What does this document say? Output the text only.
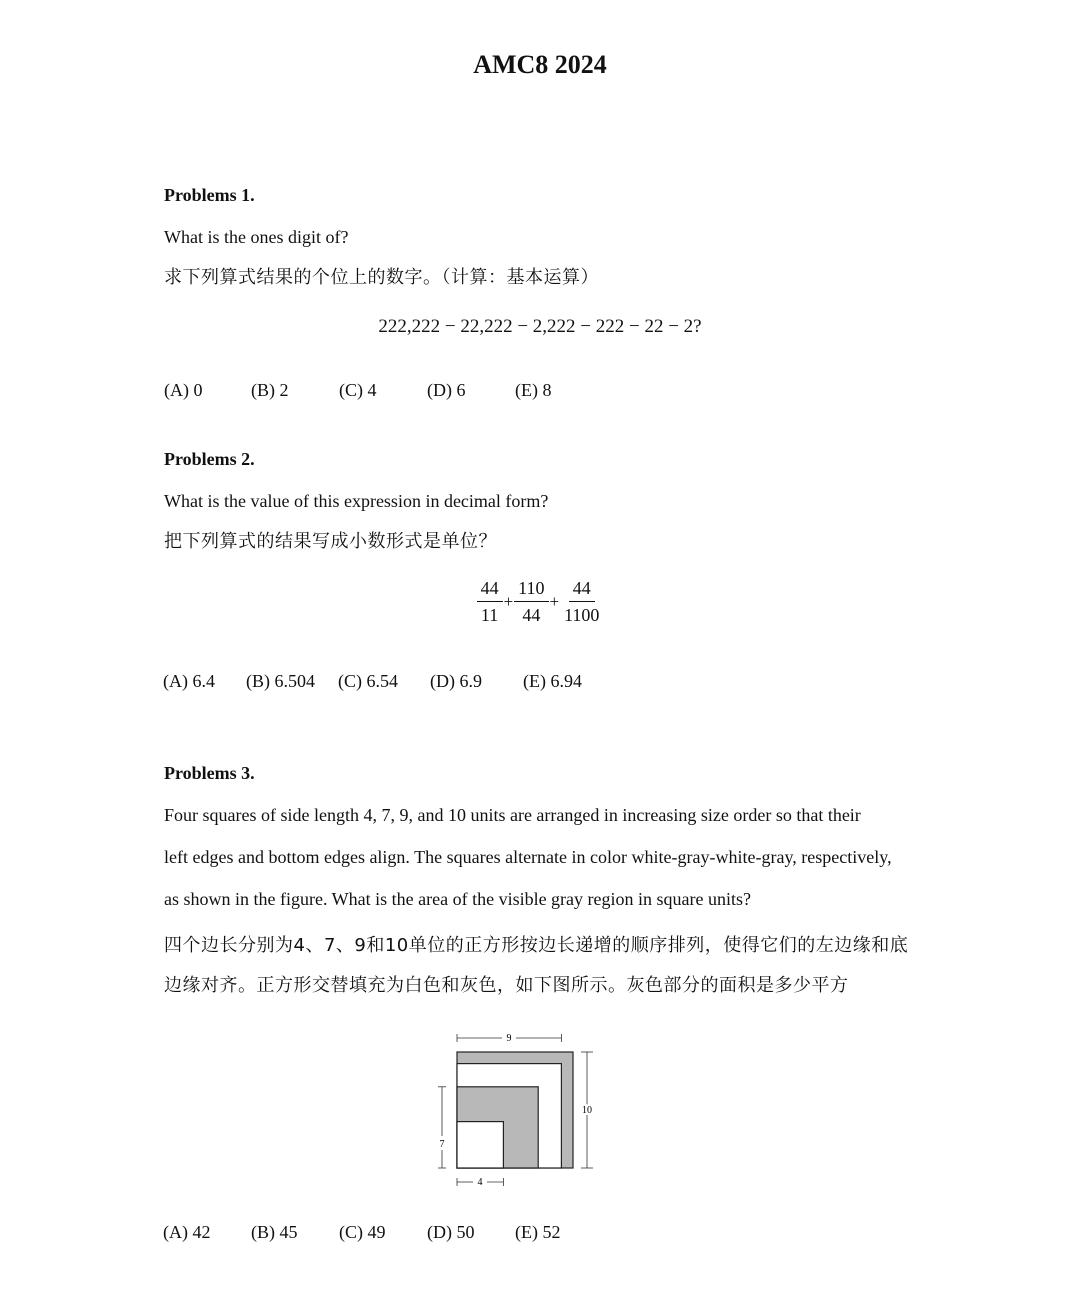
AMC8 2024
Problems 1.
What is the ones digit of?
求下列算式结果的个位上的数字。（计算：基本运算）
222,222 − 22,222 − 2,222 − 222 − 22 − 2?
(A) 0	(B) 2	(C) 4	(D) 6	(E) 8
Problems 2.
What is the value of this expression in decimal form?
把下列算式的结果写成小数形式是单位？
$\frac{44}{11} + \frac{110}{44} + \frac{44}{1100}$
(A) 6.4 (B) 6.504 (C) 6.54 (D) 6.9 (E) 6.94
Problems 3.
Four squares of side length 4, 7, 9, and 10 units are arranged in increasing size order so that their
left edges and bottom edges align. The squares alternate in color white-gray-white-gray, respectively,
as shown in the figure. What is the area of the visible gray region in square units?
四个边长分别为4、7、9和10单位的正方形按边长递增的顺序排列，使得它们的左边缘和底
边缘对齐。正方形交替填充为白色和灰色，如下图所示。灰色部分的面积是多少平方
9
10
7
4
(A) 42 (B) 45 (C) 49 (D) 50 (E) 52
